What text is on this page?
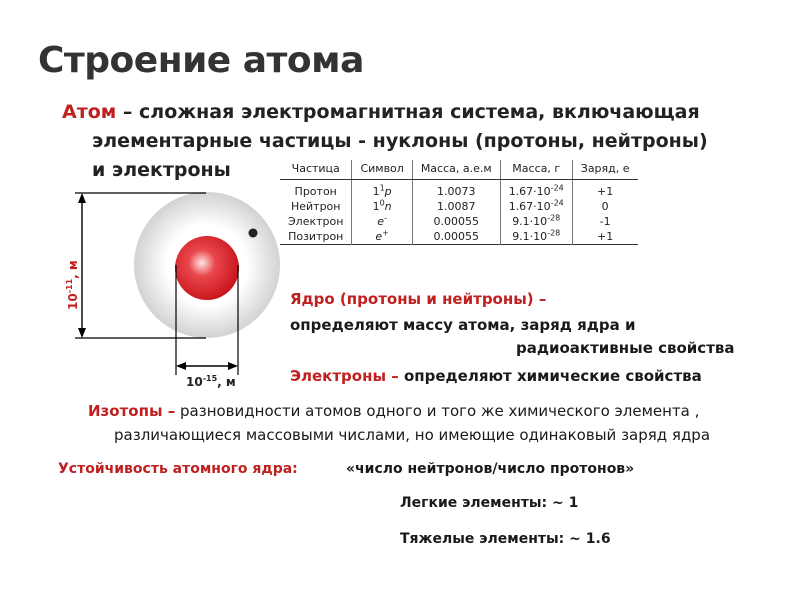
Строение атома
Атом – сложная электромагнитная система, включающая
элементарные частицы - нуклоны (протоны, нейтроны)
и электроны	Частица	Символ	Масса, а.е.м	Масса, г	Заряд, е
Протон	$1^1p$	1.0073	$1.67\cdot 10^{-24}$	+1
Нейтрон	$1^0n$	1.0087	$1.67\cdot 10^{-24}$	0
Электрон	e-	0.00055	$9.1\cdot 10^{-28}$	-1
Позитрон	e+	0.00055	$9.1\cdot 10^{-28}$	+1
$10^{-11}$, м
$10^{-15}$, м
Ядро (протоны и нейтроны) –
определяют массу атома, заряд ядра и
радиоактивные свойства
Электроны – определяют химические свойства
Изотопы – разновидности атомов одного и того же химического элемента ,
различающиеся массовыми числами, но имеющие одинаковый заряд ядра
Устойчивость атомного ядра:	«число нейтронов/число протонов»
Легкие элементы: ~ 1
Тяжелые элементы: ~ 1.6
